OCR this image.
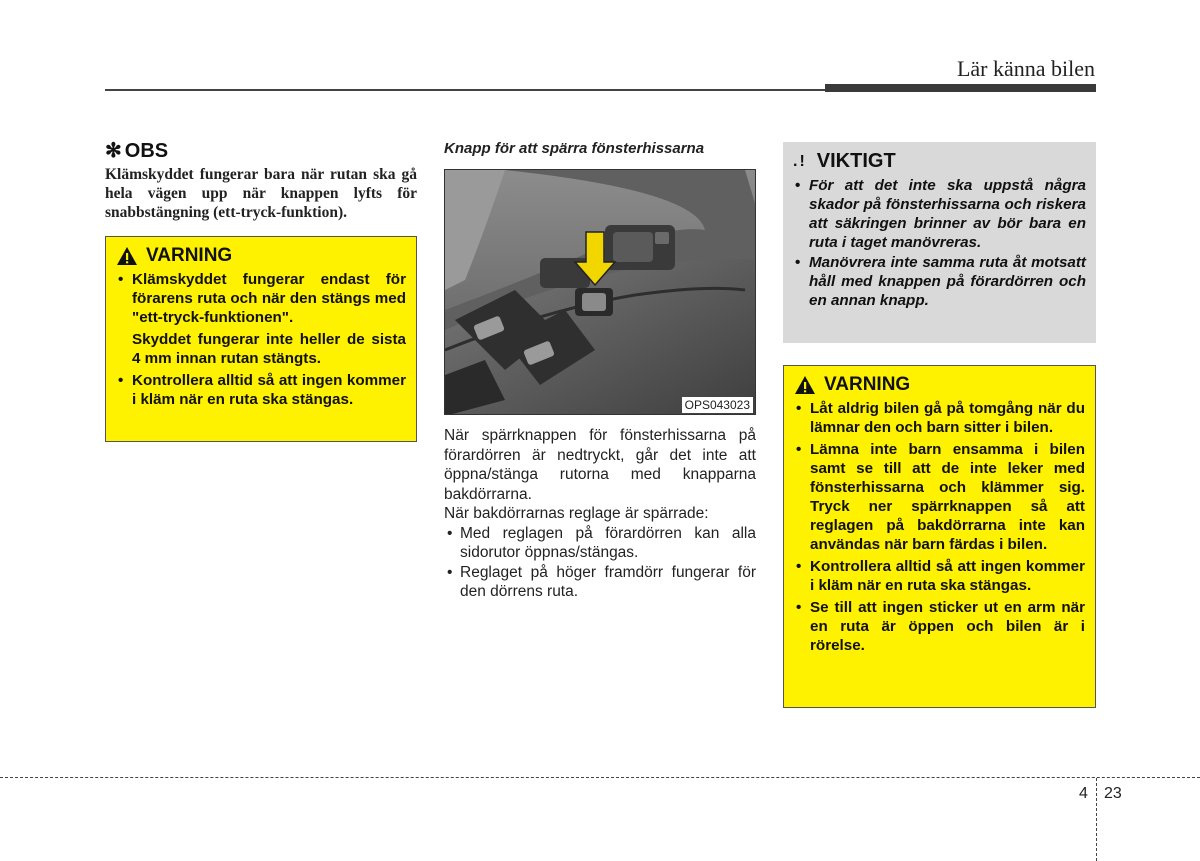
Lär känna bilen
✻ OBS
Klämskyddet fungerar bara när rutan ska gå hela vägen upp när knappen lyfts för snabbstängning (ett-tryck-funktion).
VARNING
• Klämskyddet fungerar endast för förarens ruta och när den stängs med "ett-tryck-funktionen".
Skyddet fungerar inte heller de sista 4 mm innan rutan stängts.
• Kontrollera alltid så att ingen kommer i kläm när en ruta ska stängas.
Knapp för att spärra fönsterhissarna
OPS043023

När spärrknappen för fönsterhissarna på förardörren är nedtryckt, går det inte att öppna/stänga rutorna med knapparna bakdörrarna.

När bakdörrarnas reglage är spärrade:

• Med reglagen på förardörren kan alla sidorutor öppnas/stängas.
• Reglaget på höger framdörr fungerar för den dörrens ruta.
.! VIKTIGT
• För att det inte ska uppstå några skador på fönsterhissarna och riskera att säkringen brinner av bör bara en ruta i taget manövreras.
• Manövrera inte samma ruta åt motsatt håll med knappen på förardörren och en annan knapp.
VARNING
• Låt aldrig bilen gå på tomgång när du lämnar den och barn sitter i bilen.
• Lämna inte barn ensamma i bilen samt se till att de inte leker med fönsterhissarna och klämmer sig. Tryck ner spärrknappen så att reglagen på bakdörrarna inte kan användas när barn färdas i bilen.
• Kontrollera alltid så att ingen kommer i kläm när en ruta ska stängas.
• Se till att ingen sticker ut en arm när en ruta är öppen och bilen är i rörelse.
4 23
